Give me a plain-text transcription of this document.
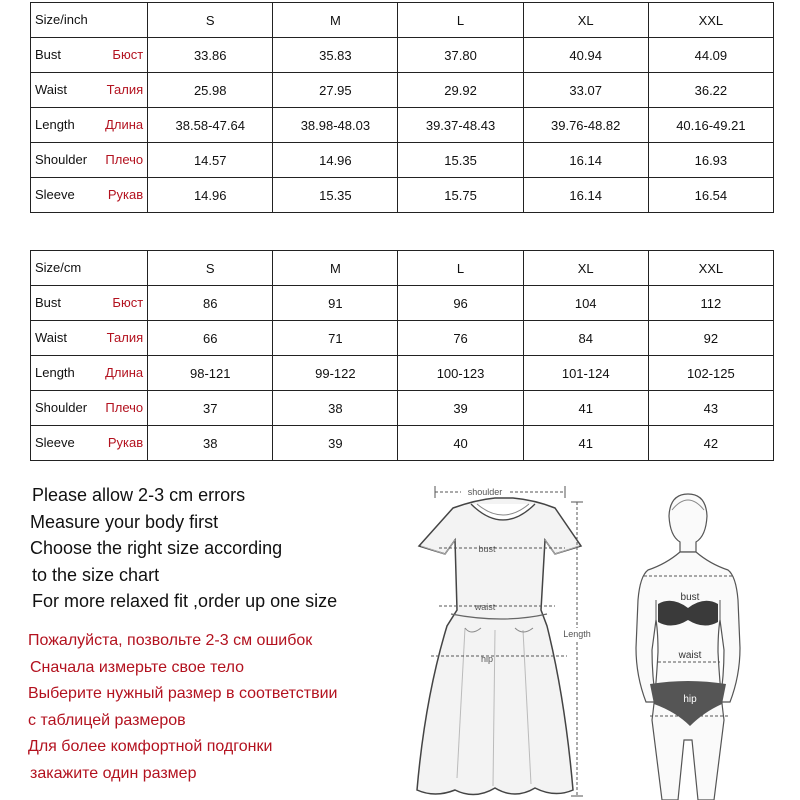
Size/inch	S	M	L	XL	XXL

Bust Бюст	33.86	35.83	37.80	40.94	44.09

Waist Талия	25.98	27.95	29.92	33.07	36.22

Length Длина	38.58-47.64	38.98-48.03	39.37-48.43	39.76-48.82	40.16-49.21

Shoulder Плечо	14.57	14.96	15.35	16.14	16.93

Sleeve Рукав	14.96	15.35	15.75	16.14	16.54
Size/cm	S	M	L	XL	XXL

Bust Бюст	86	91	96	104	112

Waist Талия	66	71	76	84	92

Length Длина	98-121	99-122	100-123	101-124	102-125

Shoulder Плечо	37	38	39	41	43

Sleeve Рукав	38	39	40	41	42
Please allow 2-3 cm errors
Measure your body first
Choose the right size according
to the size chart
For more relaxed fit ,order up one size
Пожалуйста, позвольте 2-3 см ошибок
Сначала измерьте свое тело
Выберите нужный размер в соответствии
с таблицей размеров
Для более комфортной подгонки
закажите один размер
shoulder
bust
waist
hip
Length
bust
waist
hip
